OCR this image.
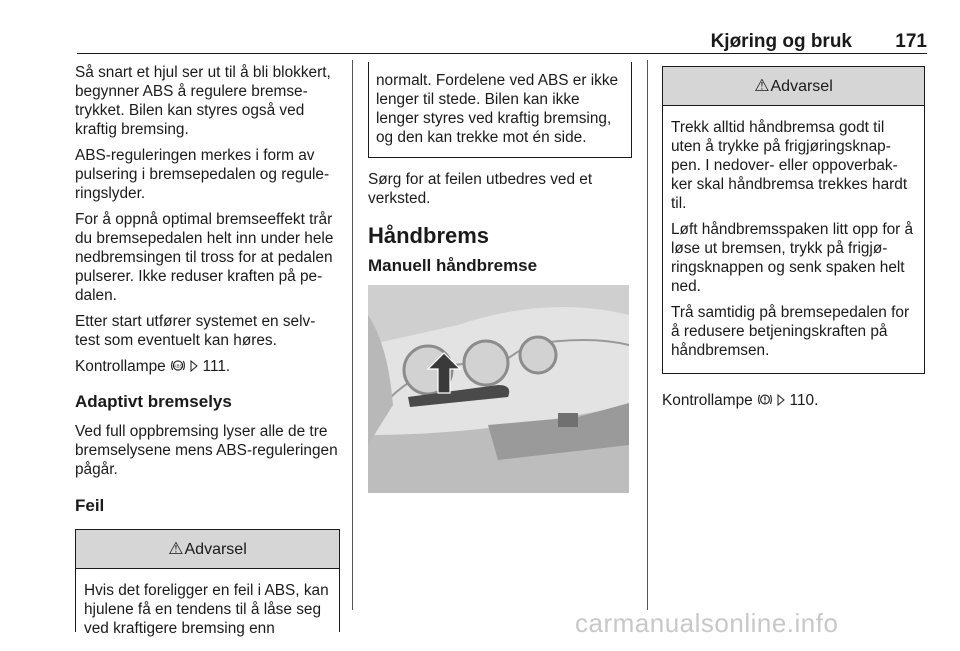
Kjøring og bruk 171

Så snart et hjul ser ut til å bli blokkert, begynner ABS å regulere bremse-trykket. Bilen kan styres også ved kraftig bremsing.

ABS-reguleringen merkes i form av pulsering i bremsepedalen og regule-ringslyder.

For å oppnå optimal bremseeffekt trår du bremsepedalen helt inn under hele nedbremsingen til tross for at pedalen pulserer. Ikke reduser kraften på pe-dalen.

Etter start utfører systemet en selv-test som eventuelt kan høres.

Kontrollampe ABS 111.

Adaptivt bremselys

Ved full oppbremsing lyser alle de tre bremselysene mens ABS-reguleringen pågår.

Feil
⚠Advarsel

Hvis det foreligger en feil i ABS, kan hjulene få en tendens til å låse seg ved kraftigere bremsing enn

normalt. Fordelene ved ABS er ikke lenger til stede. Bilen kan ikke lenger styres ved kraftig bremsing, og den kan trekke mot én side.

Sørg for at feilen utbedres ved et verksted.

Håndbrems
Manuell håndbremse
⚠Advarsel

Trekk alltid håndbremsa godt til uten å trykke på frigjøringsknap-pen. I nedover- eller oppoverbak-ker skal håndbremsa trekkes hardt til.

Løft håndbremsspaken litt opp for å løse ut bremsen, trykk på frigjø-ringsknappen og senk spaken helt ned.

Trå samtidig på bremsepedalen for å redusere betjeningskraften på håndbremsen.

Kontrollampe 110.

carmanualsonline.info
